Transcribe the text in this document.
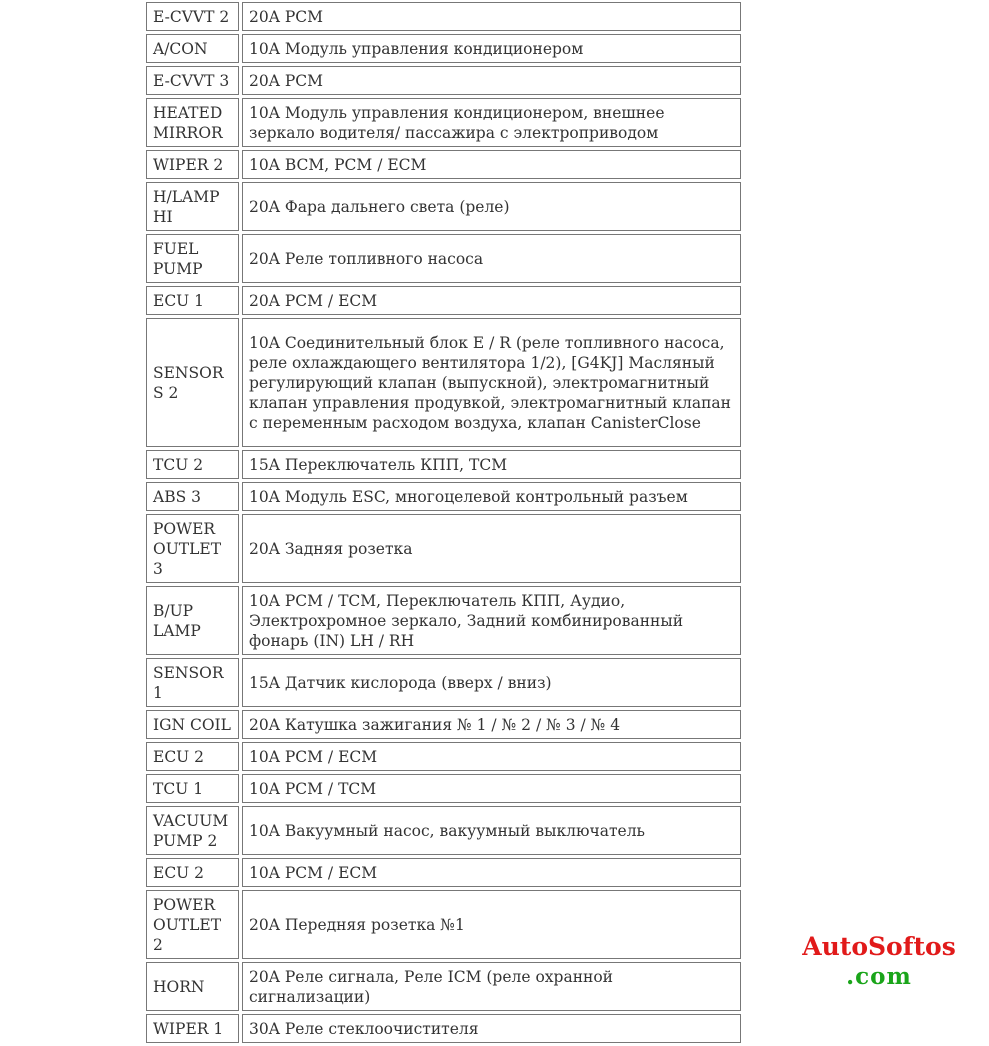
E-CVVT 2	20A PCM
A/CON	10A Модуль управления кондиционером
E-CVVT 3	20A PCM
HEATED MIRROR	10A Модуль управления кондиционером, внешнее зеркало водителя/ пассажира с электроприводом
WIPER 2	10A BCM, PCM / ECM
H/LAMP HI	20A Фара дальнего света (реле)
FUEL PUMP	20A Реле топливного насоса
ECU 1	20A PCM / ECM
SENSORS 2	10A Соединительный блок E / R (реле топливного насоса, реле охлаждающего вентилятора 1/2), [G4KJ] Масляный регулирующий клапан (выпускной), электромагнитный клапан управления продувкой, электромагнитный клапан с переменным расходом воздуха, клапан CanisterClose
TCU 2	15A Переключатель КПП, TCM
ABS 3	10A Модуль ESC, многоцелевой контрольный разъем
POWER OUTLET 3	20A Задняя розетка
B/UP LAMP	10A PCM / TCM, Переключатель КПП, Аудио, Электрохромное зеркало, Задний комбинированный фонарь (IN) LH / RH
SENSOR 1	15A Датчик кислорода (вверх / вниз)
IGN COIL	20A Катушка зажигания № 1 / № 2 / № 3 / № 4
ECU 2	10A PCM / ECM
TCU 1	10A PCM / TCM
VACUUM PUMP 2	10A Вакуумный насос, вакуумный выключатель
ECU 2	10A PCM / ECM
POWER OUTLET 2	20A Передняя розетка №1
HORN	20A Реле сигнала, Реле ICM (реле охранной сигнализации)
WIPER 1	30A Реле стеклоочистителя
AutoSoftos
.com
